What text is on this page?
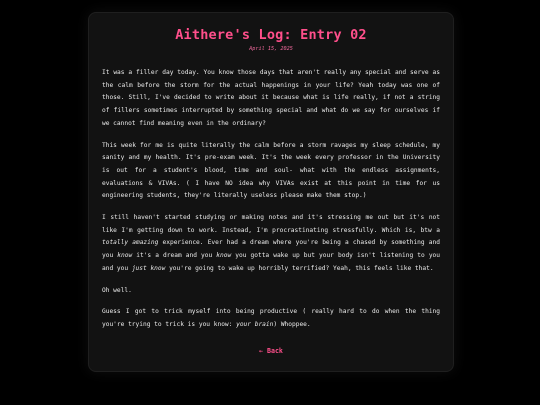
Aithere's Log: Entry 02
April 15, 2025

It was a filler day today. You know those days that aren't really any special and serve as the calm before the storm for the actual happenings in your life? Yeah today was one of those. Still, I've decided to write about it because what is life really, if not a string of fillers sometimes interrupted by something special and what do we say for ourselves if we cannot find meaning even in the ordinary?

This week for me is quite literally the calm before a storm ravages my sleep schedule, my sanity and my health. It's pre-exam week. It's the week every professor in the University is out for a student's blood, time and soul- what with the endless assignments, evaluations & VIVAs. ( I have NO idea why VIVAs exist at this point in time for us engineering students, they're literally useless please make them stop.)

I still haven't started studying or making notes and it's stressing me out but it's not like I'm getting down to work. Instead, I'm procrastinating stressfully. Which is, btw a totally amazing experience. Ever had a dream where you're being a chased by something and you know it's a dream and you know you gotta wake up but your body isn't listening to you and you just know you're going to wake up horribly terrified? Yeah, this feels like that.

Oh well.

Guess I got to trick myself into being productive ( really hard to do when the thing you're trying to trick is you know: your brain) Whoppee.

← Back
